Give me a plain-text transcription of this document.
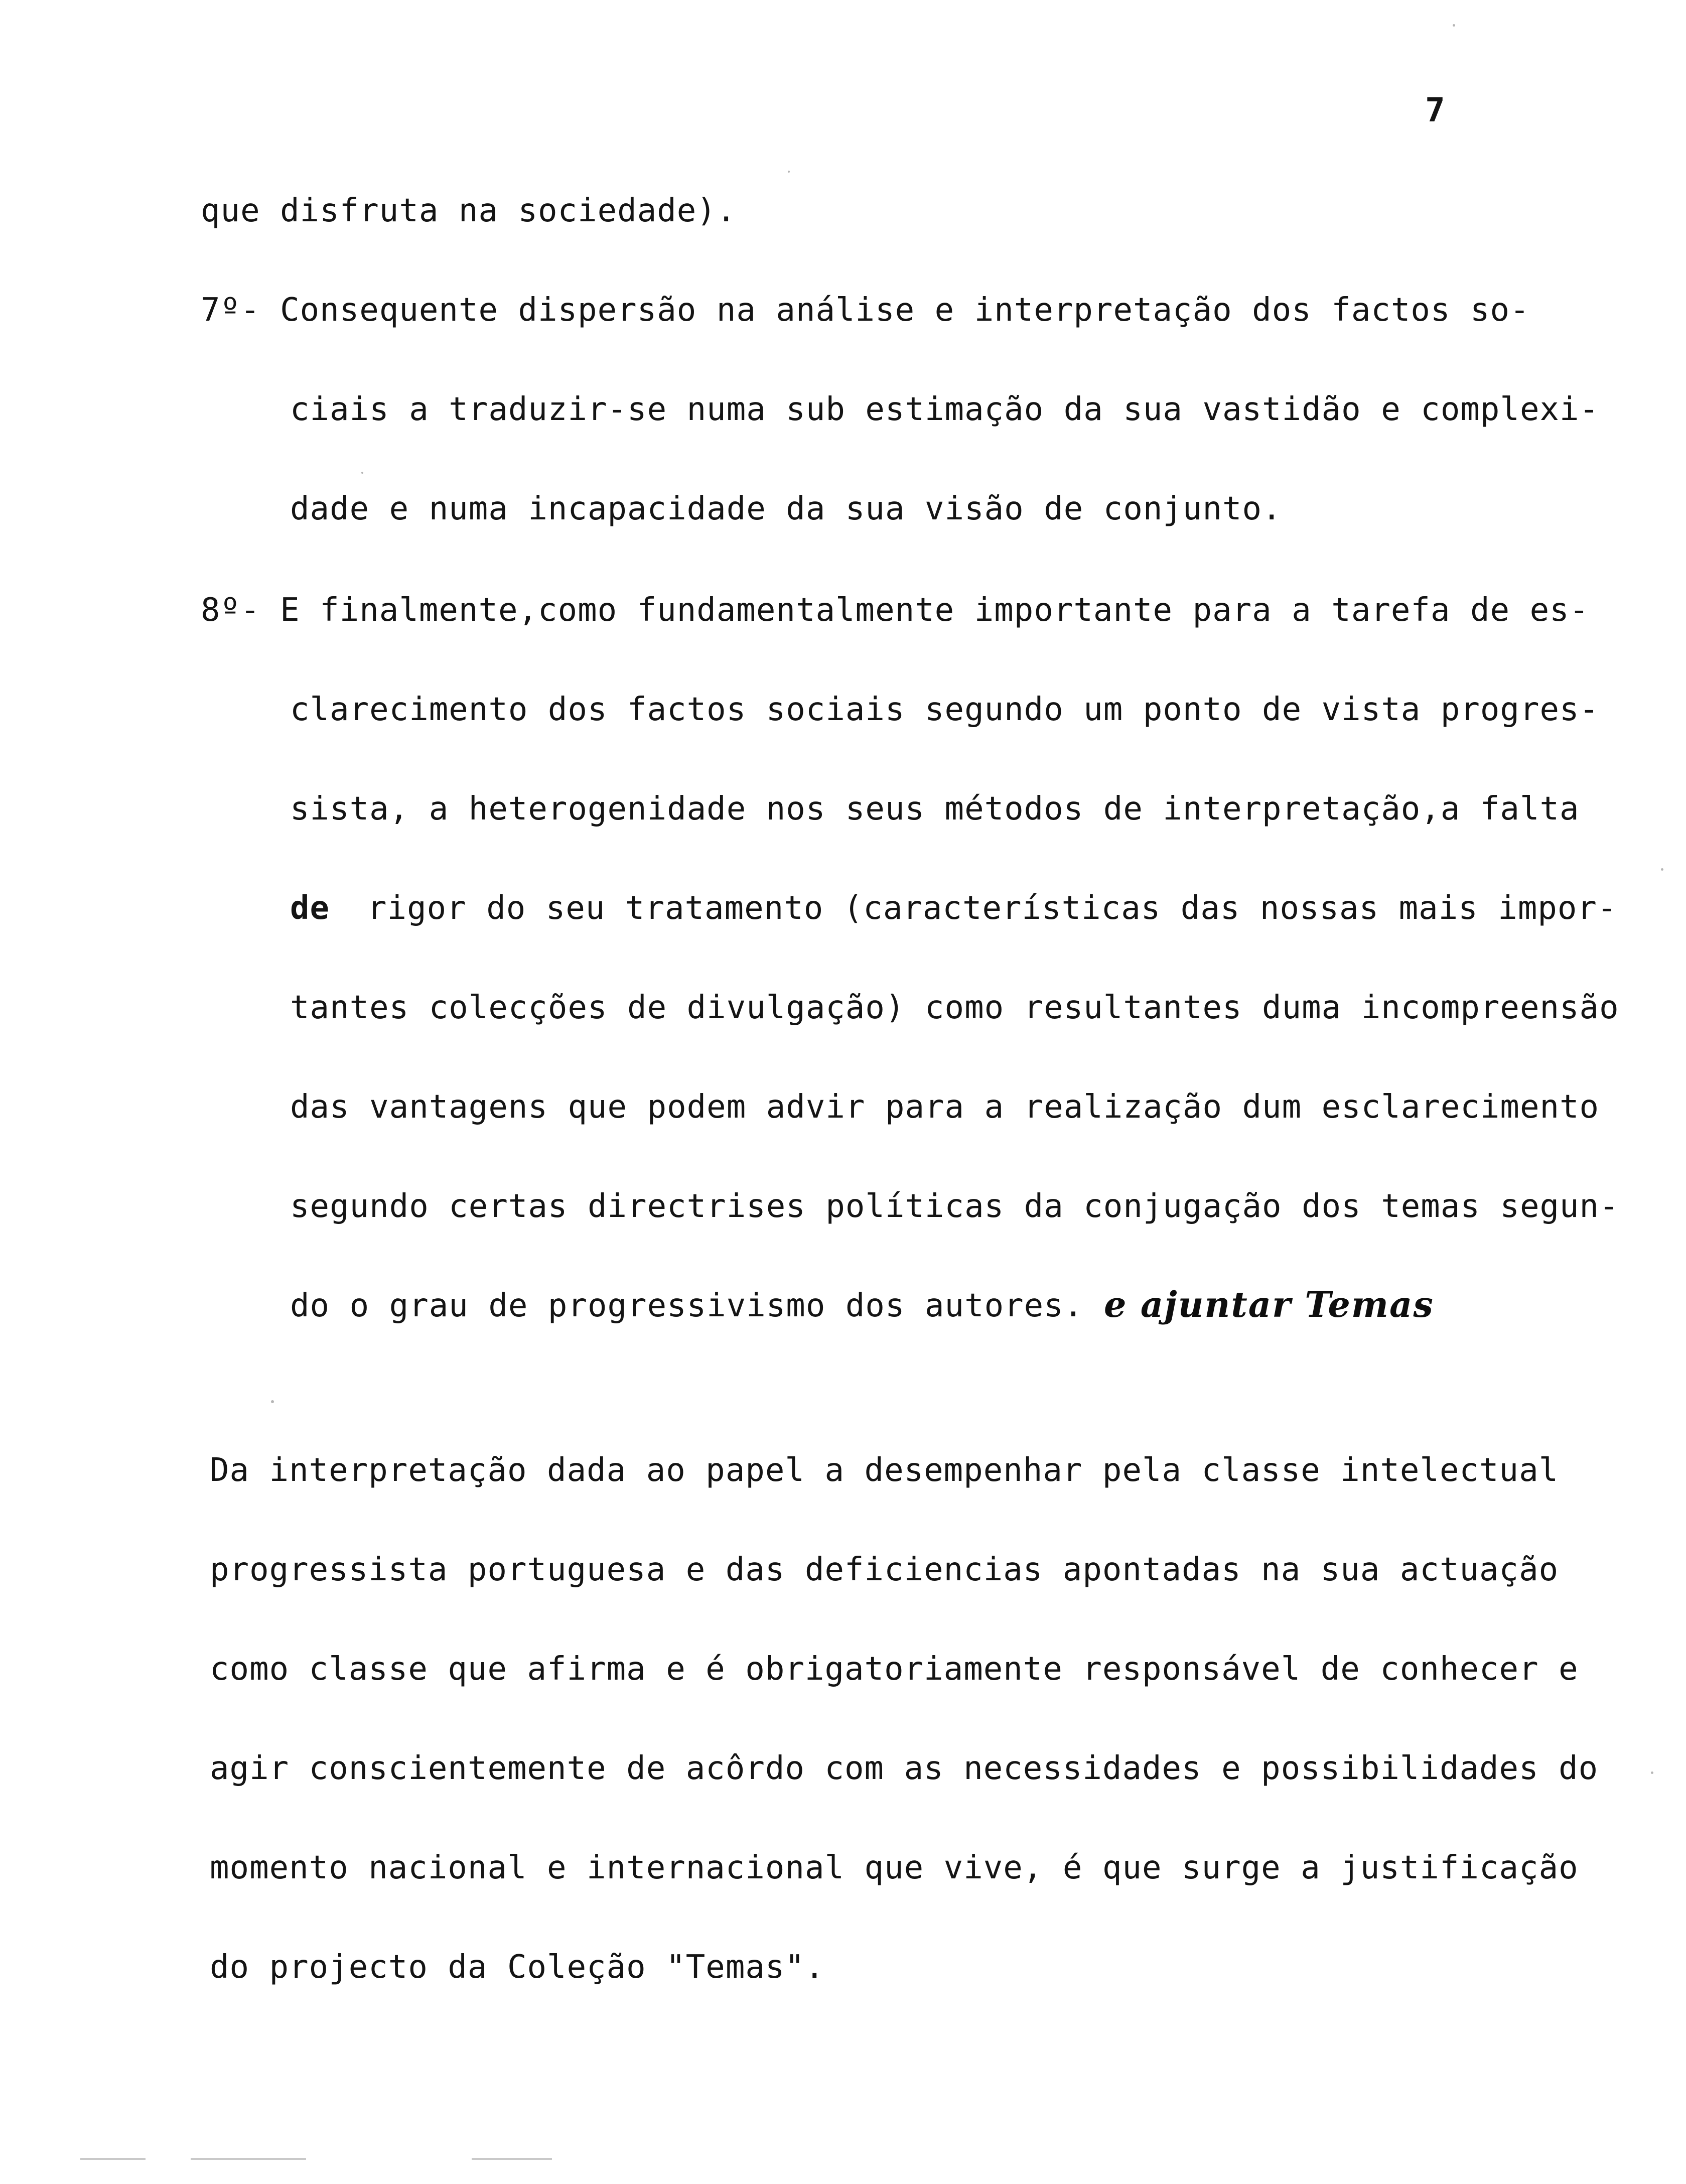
7
que disfruta na sociedade).
7º- Consequente dispersão na análise e interpretação dos factos so-
ciais a traduzir-se numa sub estimação da sua vastidão e complexi-
dade e numa incapacidade da sua visão de conjunto.
8º- E finalmente,como fundamentalmente importante para a tarefa de es-
clarecimento dos factos sociais segundo um ponto de vista progres-
sista, a heterogenidade nos seus métodos de interpretação,a falta
de rigor do seu tratamento (características das nossas mais impor-
tantes colecções de divulgação) como resultantes duma incompreensão
das vantagens que podem advir para a realização dum esclarecimento
segundo certas directrises políticas da conjugação dos temas segun-
do o grau de progressivismo dos autores. e ajuntar Temas
Da interpretação dada ao papel a desempenhar pela classe intelectual
progressista portuguesa e das deficiencias apontadas na sua actuação
como classe que afirma e é obrigatoriamente responsável de conhecer e
agir conscientemente de acôrdo com as necessidades e possibilidades do
momento nacional e internacional que vive, é que surge a justificação
do projecto da Coleção "Temas".
